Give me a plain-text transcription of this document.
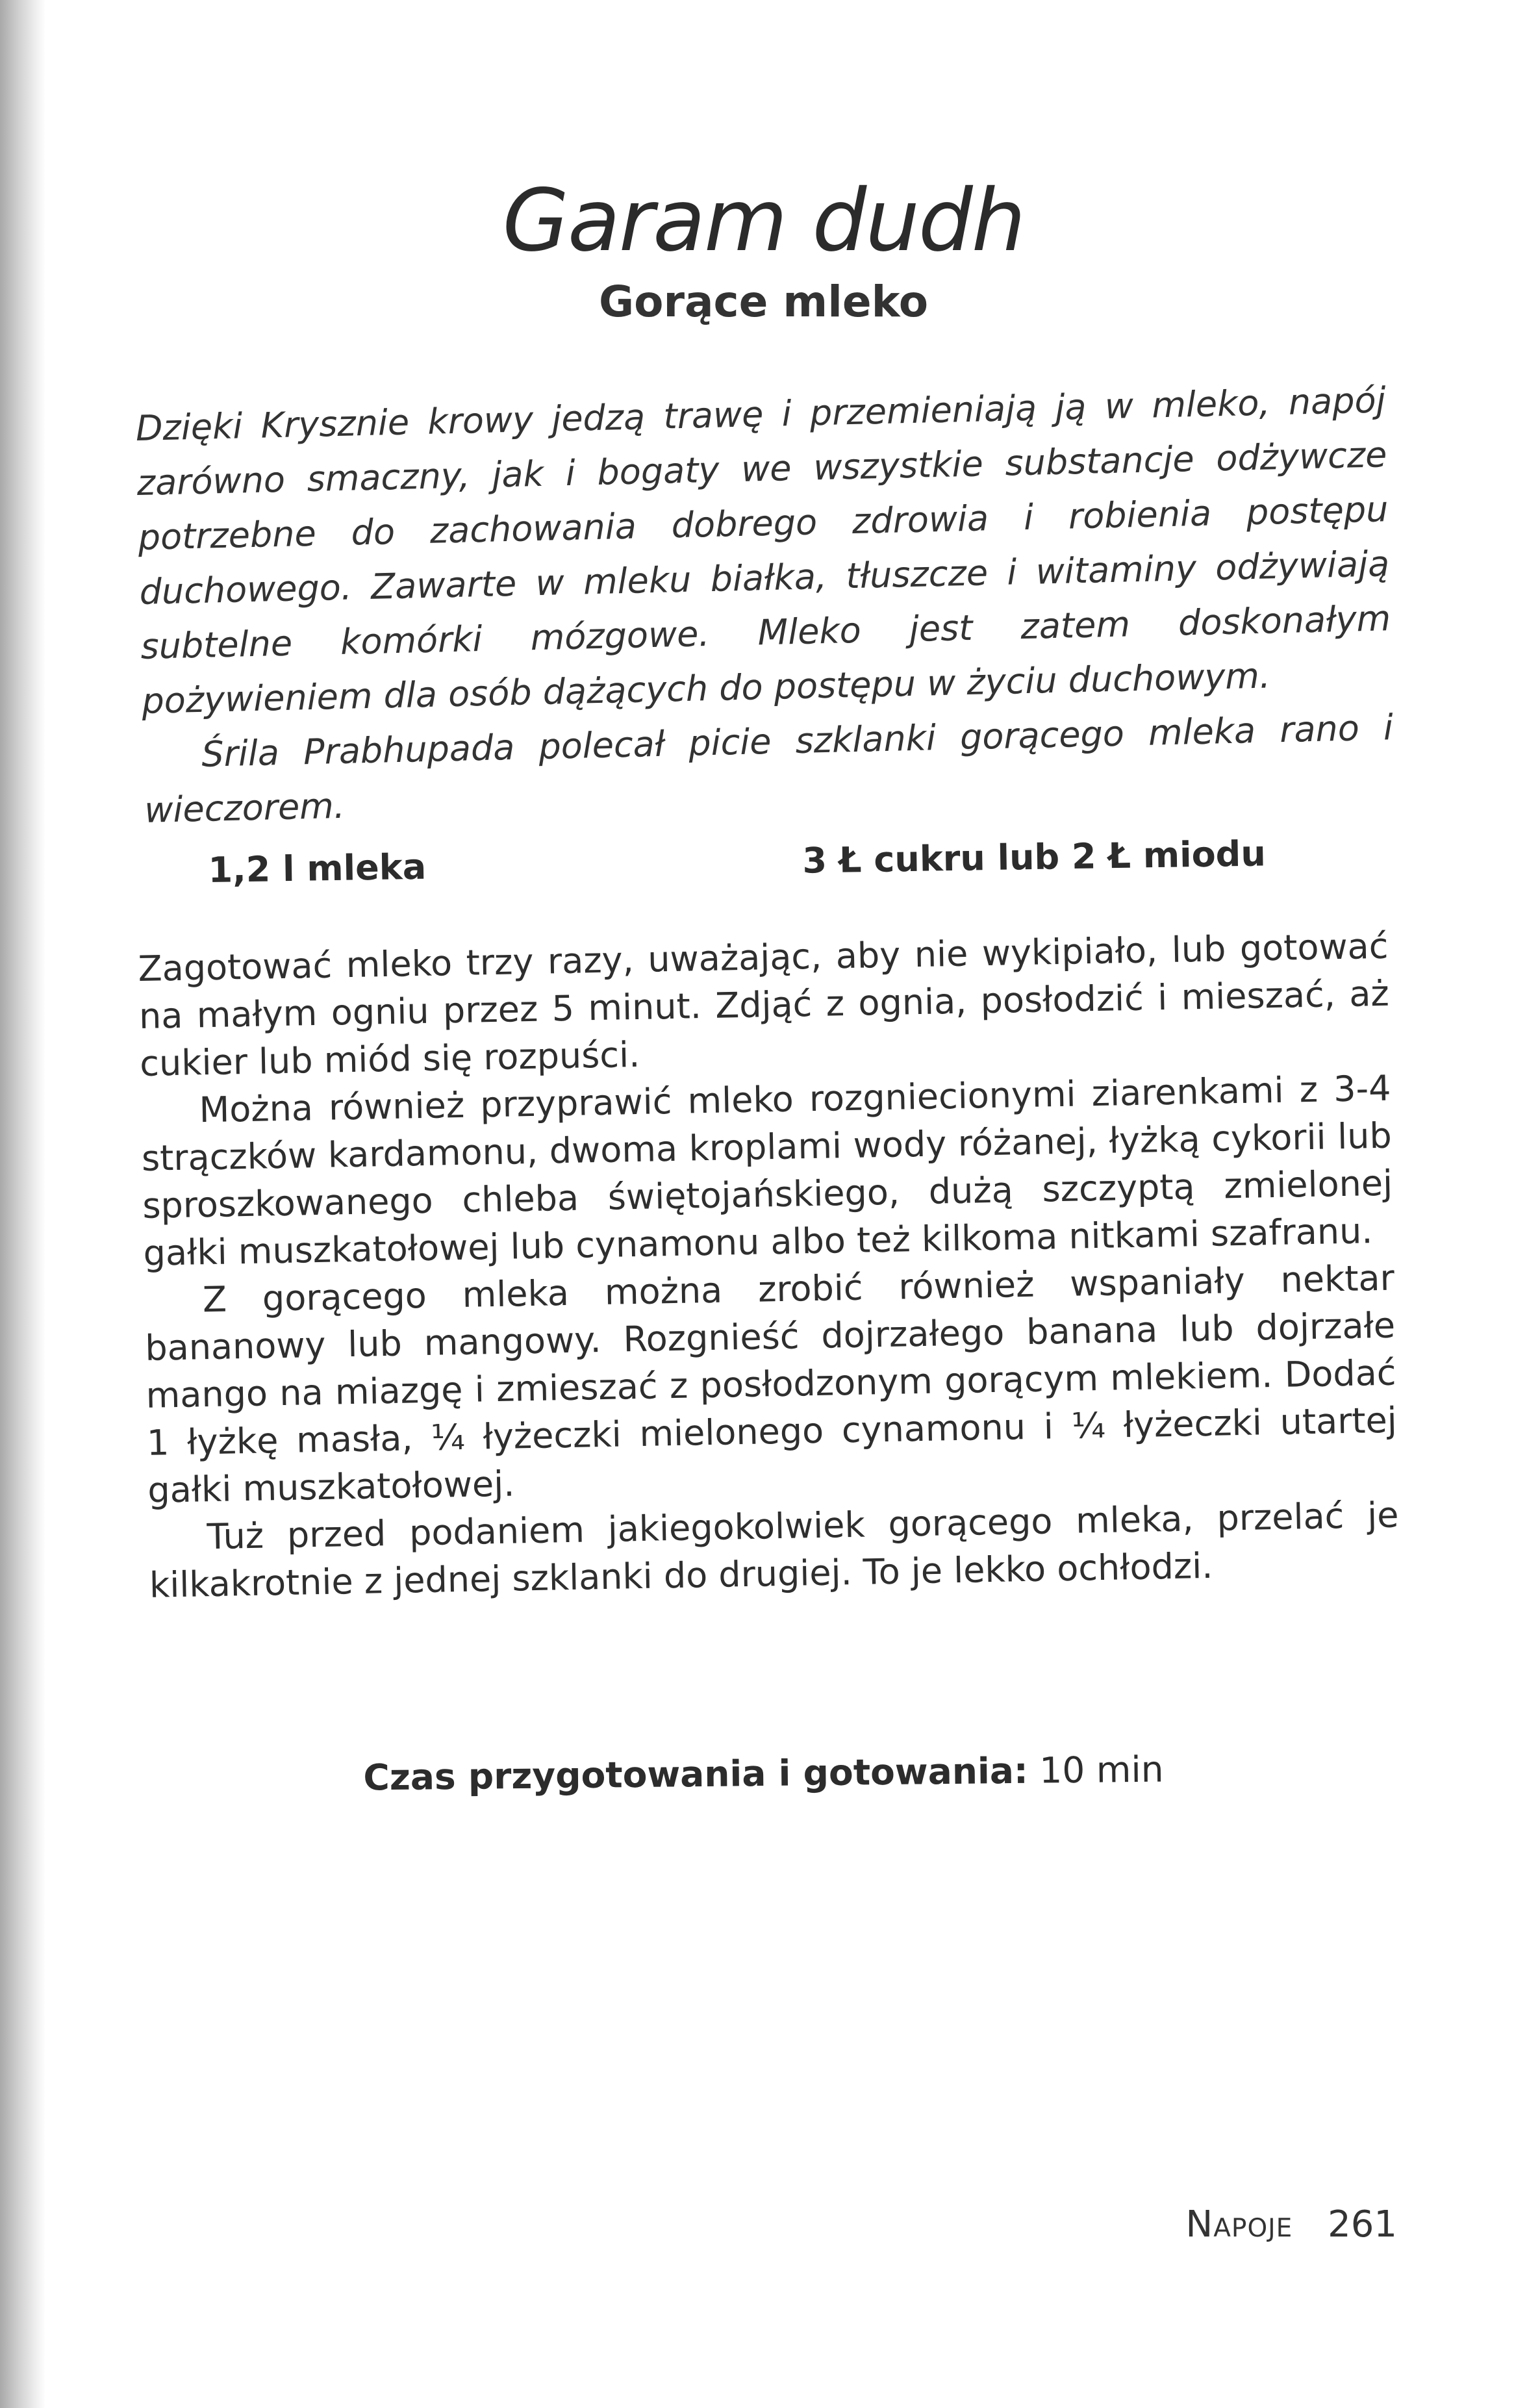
Garam dudh
Gorące mleko

Dzięki Krysznie krowy jedzą trawę i przemieniają ją w mleko, napój zarówno smaczny, jak i bogaty we wszystkie substancje odżywcze potrzebne do zachowania dobrego zdrowia i robienia postępu duchowego. Zawarte w mleku białka, tłuszcze i witaminy odżywiają subtelne komórki mózgowe. Mleko jest zatem doskonałym pożywieniem dla osób dążących do postępu w życiu duchowym.

Śrila Prabhupada polecał picie szklanki gorącego mleka rano i wieczorem.

1,2 l mleka	3 Ł cukru lub 2 Ł miodu

Zagotować mleko trzy razy, uważając, aby nie wykipiało, lub gotować na małym ogniu przez 5 minut. Zdjąć z ognia, posłodzić i mieszać, aż cukier lub miód się rozpuści.

Można również przyprawić mleko rozgniecionymi ziarenkami z 3-4 strączków kardamonu, dwoma kroplami wody różanej, łyżką cykorii lub sproszkowanego chleba świętojańskiego, dużą szczyptą zmielonej gałki muszkatołowej lub cynamonu albo też kilkoma nitkami szafranu.

Z gorącego mleka można zrobić również wspaniały nektar bananowy lub mangowy. Rozgnieść dojrzałego banana lub dojrzałe mango na miazgę i zmieszać z posłodzonym gorącym mlekiem. Dodać 1 łyżkę masła, ¼ łyżeczki mielonego cynamonu i ¼ łyżeczki utartej gałki muszkatołowej.

Tuż przed podaniem jakiegokolwiek gorącego mleka, przelać je kilkakrotnie z jednej szklanki do drugiej. To je lekko ochłodzi.

Czas przygotowania i gotowania: 10 min
Napoje 261
